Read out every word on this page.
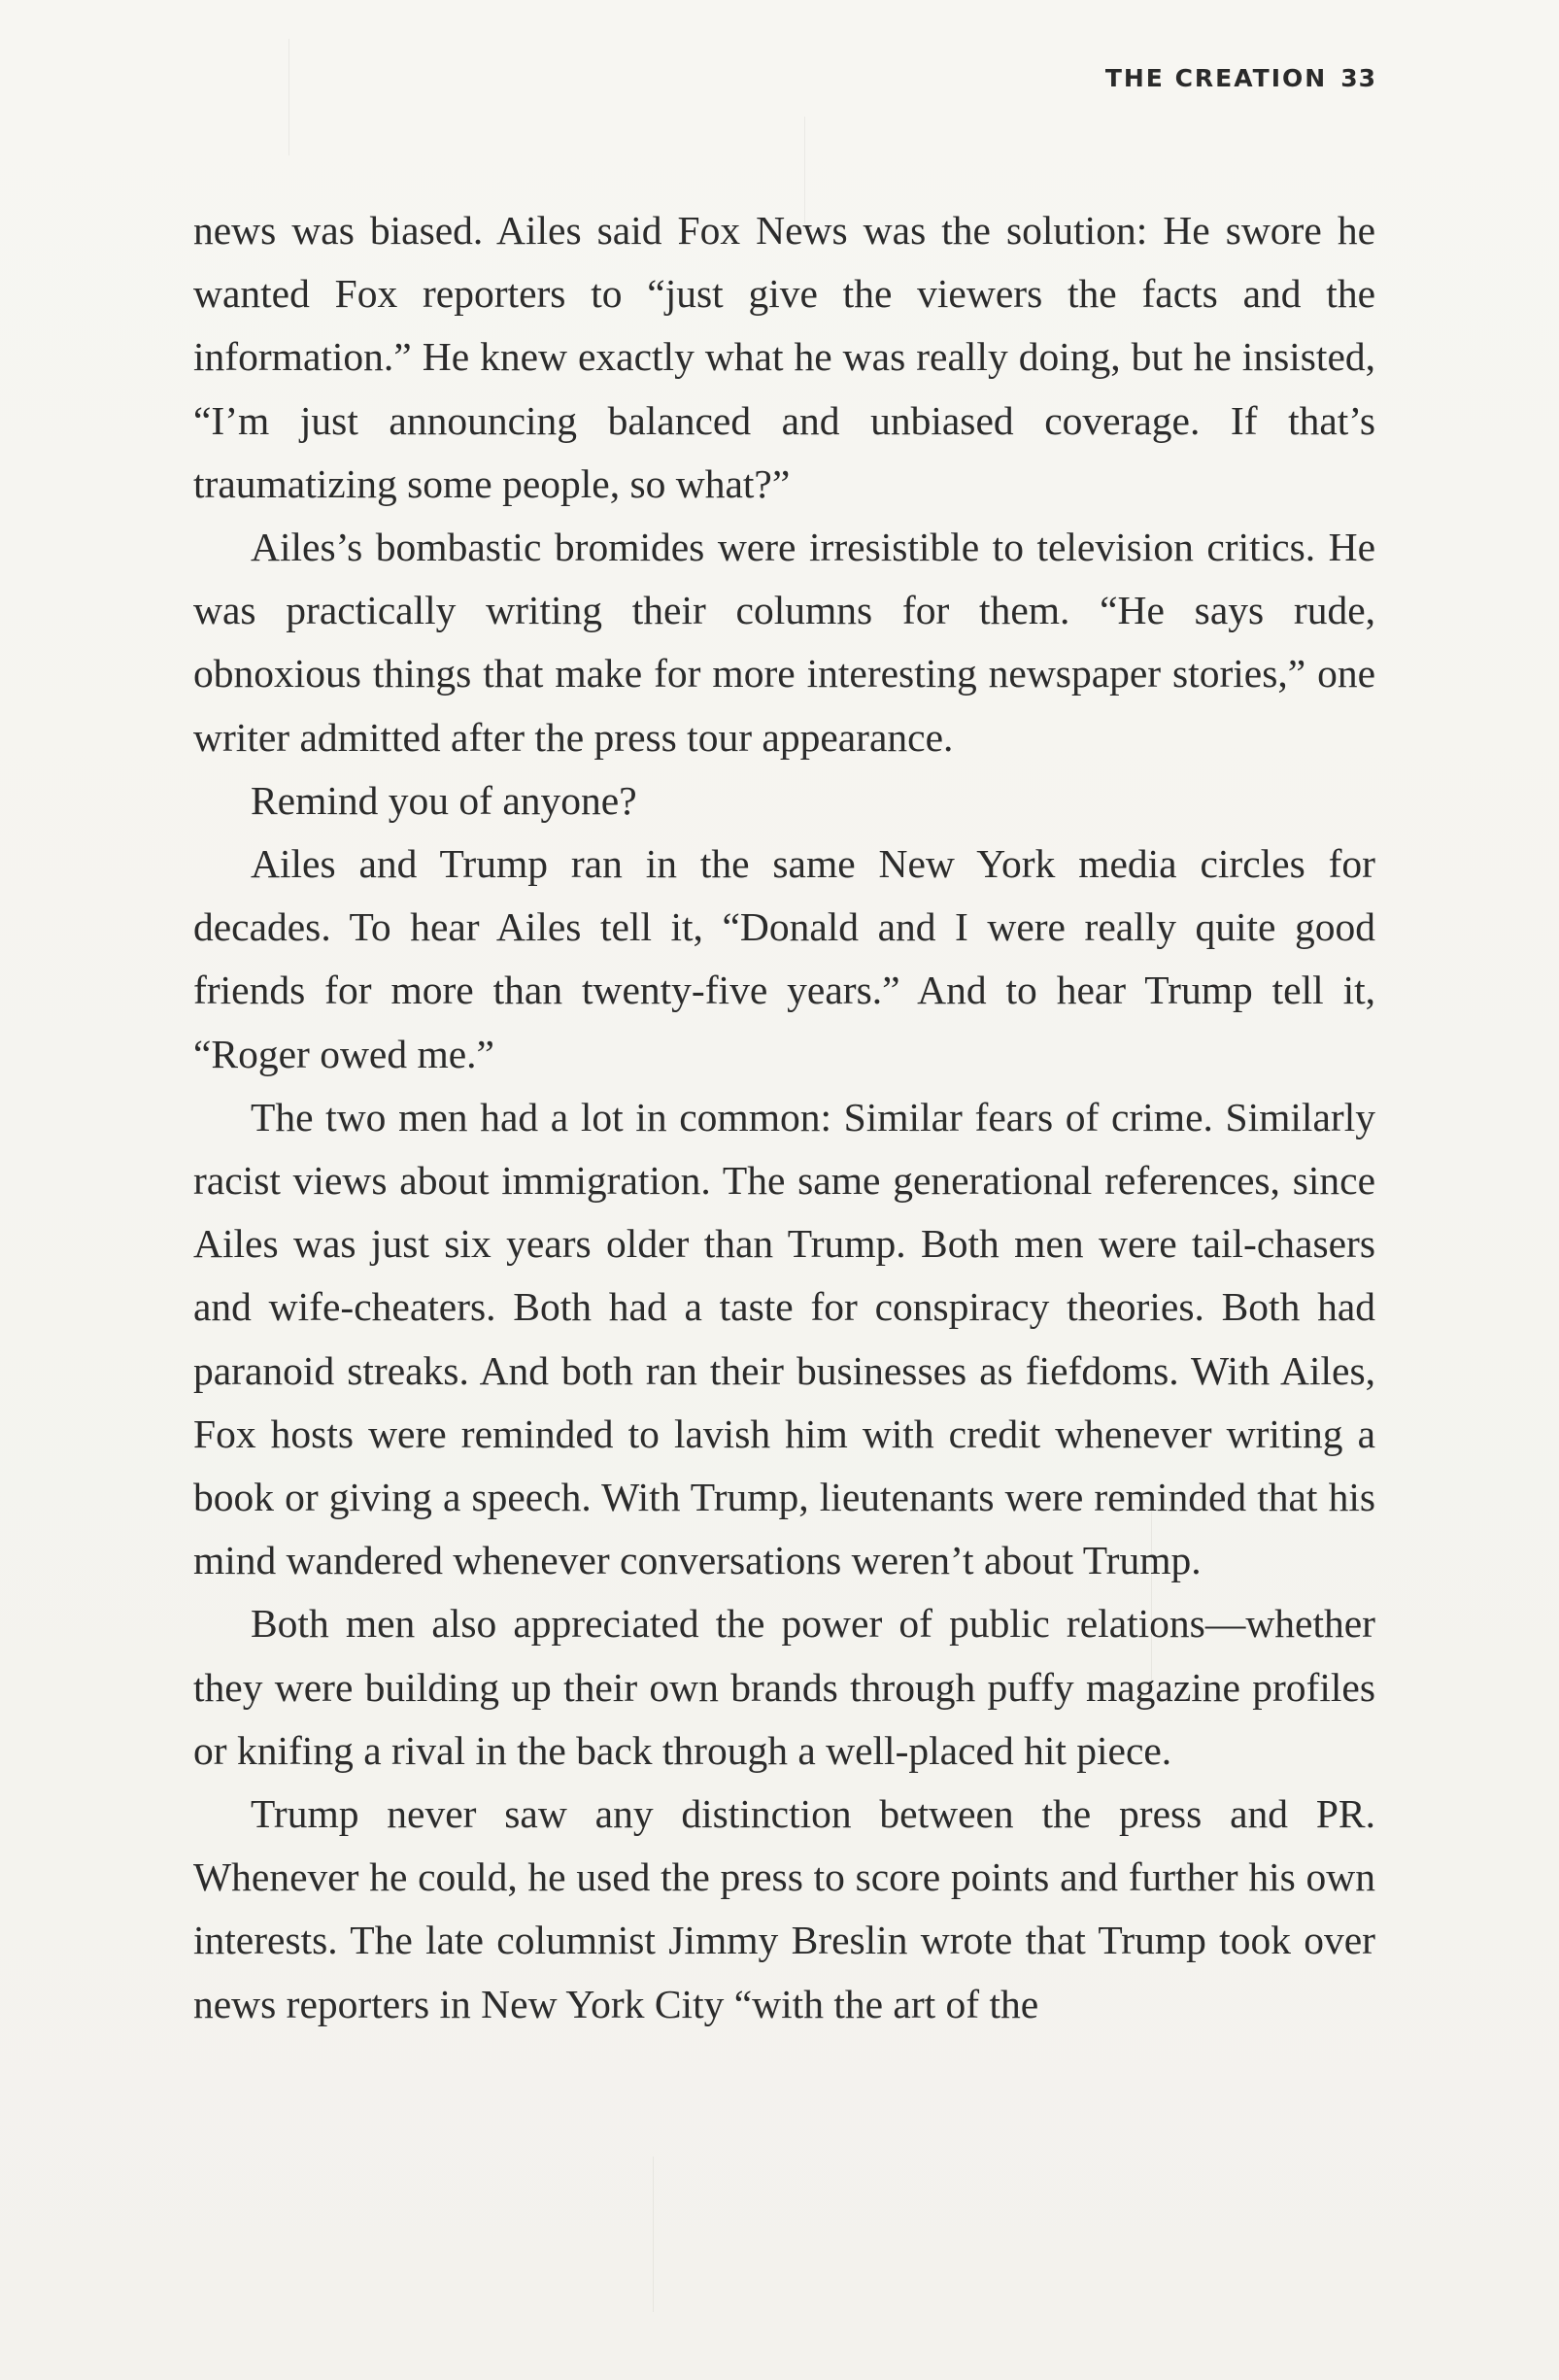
THE CREATION 33

news was biased. Ailes said Fox News was the solution: He swore he wanted Fox reporters to “just give the viewers the facts and the information.” He knew exactly what he was really doing, but he insisted, “I’m just announcing balanced and unbiased coverage. If that’s traumatizing some people, so what?”

Ailes’s bombastic bromides were irresistible to television critics. He was practically writing their columns for them. “He says rude, obnoxious things that make for more interesting newspaper stories,” one writer admitted after the press tour appearance.

Remind you of anyone?

Ailes and Trump ran in the same New York media circles for decades. To hear Ailes tell it, “Donald and I were really quite good friends for more than twenty-five years.” And to hear Trump tell it, “Roger owed me.”

The two men had a lot in common: Similar fears of crime. Similarly racist views about immigration. The same generational references, since Ailes was just six years older than Trump. Both men were tail-chasers and wife-cheaters. Both had a taste for conspiracy theories. Both had paranoid streaks. And both ran their businesses as fiefdoms. With Ailes, Fox hosts were reminded to lavish him with credit whenever writing a book or giving a speech. With Trump, lieutenants were reminded that his mind wandered whenever conversations weren’t about Trump.

Both men also appreciated the power of public relations—whether they were building up their own brands through puffy magazine profiles or knifing a rival in the back through a well-placed hit piece.

Trump never saw any distinction between the press and PR. Whenever he could, he used the press to score points and further his own interests. The late columnist Jimmy Breslin wrote that Trump took over news reporters in New York City “with the art of the
